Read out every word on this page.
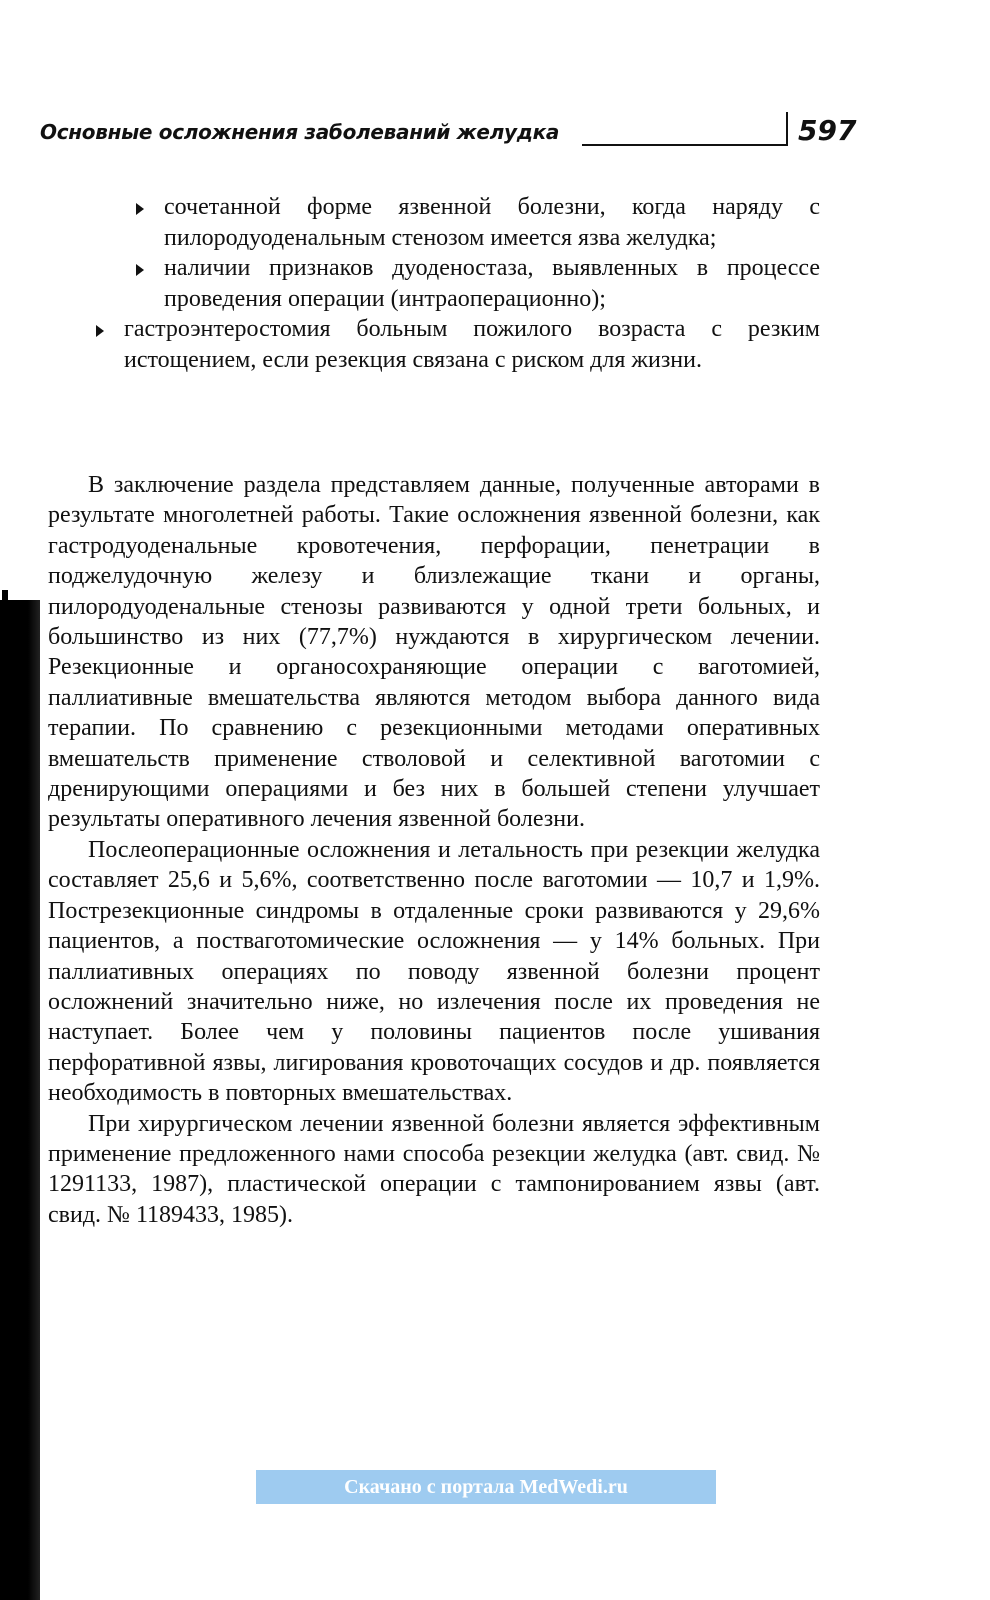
Основные осложнения заболеваний желудка	597
сочетанной форме язвенной болезни, когда наряду с пилородуоденальным стенозом имеется язва желудка;
наличии признаков дуоденостаза, выявленных в процессе проведения операции (интраоперационно);
гастроэнтеростомия больным пожилого возраста с резким истощением, если резекция связана с риском для жизни.

В заключение раздела представляем данные, полученные авторами в результате многолетней работы. Такие осложнения язвенной болезни, как гастродуоденальные кровотечения, перфорации, пенетрации в поджелудочную железу и близлежащие ткани и органы, пилородуоденальные стенозы развиваются у одной трети больных, и большинство из них (77,7%) нуждаются в хирургическом лечении. Резекционные и органосохраняющие операции с ваготомией, паллиативные вмешательства являются методом выбора данного вида терапии. По сравнению с резекционными методами оперативных вмешательств применение стволовой и селективной ваготомии с дренирующими операциями и без них в большей степени улучшает результаты оперативного лечения язвенной болезни.

Послеоперационные осложнения и летальность при резекции желудка составляет 25,6 и 5,6%, соответственно после ваготомии — 10,7 и 1,9%. Пострезекционные синдромы в отдаленные сроки развиваются у 29,6% пациентов, а постваготомические осложнения — у 14% больных. При паллиативных операциях по поводу язвенной болезни процент осложнений значительно ниже, но излечения после их проведения не наступает. Более чем у половины пациентов после ушивания перфоративной язвы, лигирования кровоточащих сосудов и др. появляется необходимость в повторных вмешательствах.

При хирургическом лечении язвенной болезни является эффективным применение предложенного нами способа резекции желудка (авт. свид. № 1291133, 1987), пластической операции с тампонированием язвы (авт. свид. № 1189433, 1985).

Скачано с портала MedWedi.ru
